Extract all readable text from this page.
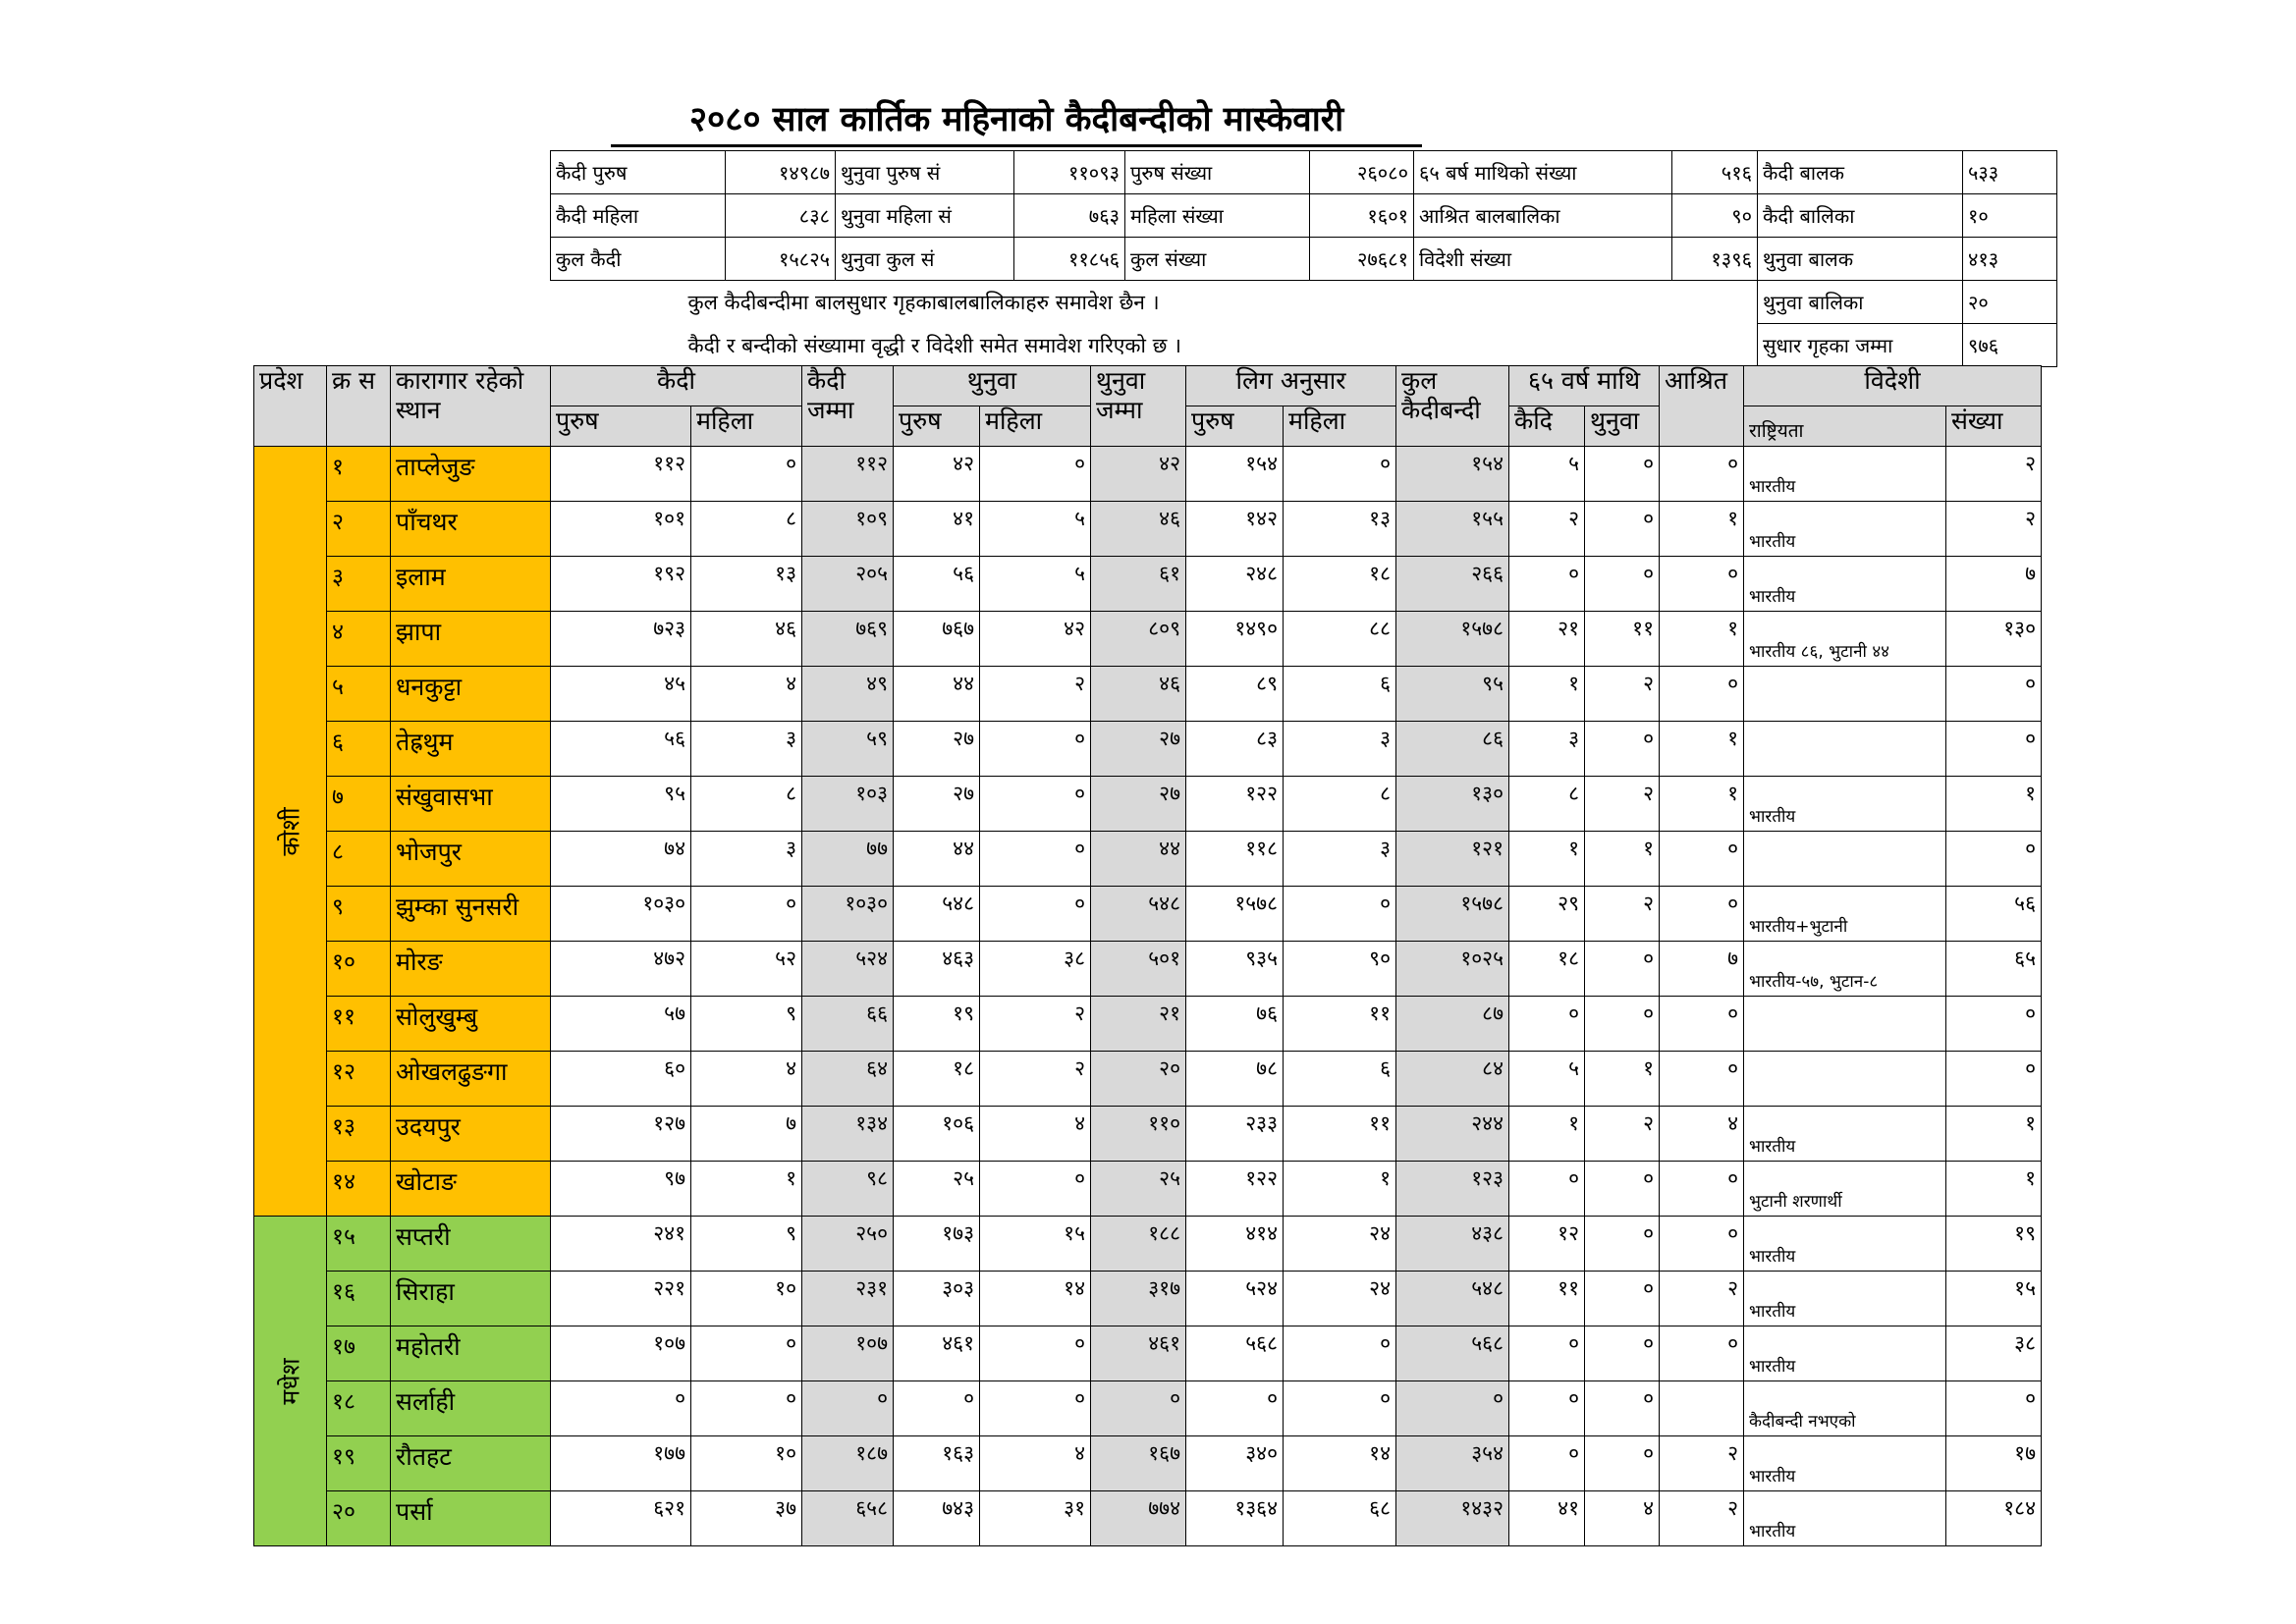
२०८० साल कार्तिक महिनाको कैदीबन्दीको मास्केवारी
कैदी पुरुष	१४९८७	थुनुवा पुरुष सं	११०९३	पुरुष संख्या	२६०८०	६५ बर्ष माथिको संख्या	५१६	कैदी बालक	५३३
कैदी महिला	८३८	थुनुवा महिला सं	७६३	महिला संख्या	१६०१	आश्रित बालबालिका	९०	कैदी बालिका	१०
कुल कैदी	१५८२५	थुनुवा कुल सं	११८५६	कुल संख्या	२७६८१	विदेशी संख्या	१३९६	थुनुवा बालक	४१३
कुल कैदीबन्दीमा बालसुधार गृहकाबालबालिकाहरु समावेश छैन ।								थुनुवा बालिका	२०
कैदी र बन्दीको संख्यामा वृद्धी र विदेशी समेत समावेश गरिएको छ ।								सुधार गृहका जम्मा	९७६
प्रदेश	क्र स	कारागार रहेको स्थान	कैदी		कैदी जम्मा	थुनुवा		थुनुवा जम्मा	लिग अनुसार		कुल कैदीबन्दी	६५ वर्ष माथि		आश्रित	विदेशी	
			पुरुष	महिला		पुरुष	महिला		पुरुष	महिला		कैदि	थुनुवा		राष्ट्रियता	संख्या
कोशी	१	ताप्लेजुङ	११२	०	११२	४२	०	४२	१५४	०	१५४	५	०	०	भारतीय	२
	२	पाँचथर	१०१	८	१०९	४१	५	४६	१४२	१३	१५५	२	०	१	भारतीय	२
	३	इलाम	१९२	१३	२०५	५६	५	६१	२४८	१८	२६६	०	०	०	भारतीय	७
	४	झापा	७२३	४६	७६९	७६७	४२	८०९	१४९०	८८	१५७८	२१	११	१	भारतीय ८६, भुटानी ४४	१३०
	५	धनकुट्टा	४५	४	४९	४४	२	४६	८९	६	९५	१	२	०		०
	६	तेह्रथुम	५६	३	५९	२७	०	२७	८३	३	८६	३	०	१		०
	७	संखुवासभा	९५	८	१०३	२७	०	२७	१२२	८	१३०	८	२	१	भारतीय	१
	८	भोजपुर	७४	३	७७	४४	०	४४	११८	३	१२१	१	१	०		०
	९	झुम्का सुनसरी	१०३०	०	१०३०	५४८	०	५४८	१५७८	०	१५७८	२९	२	०	भारतीय+भुटानी	५६
	१०	मोरङ	४७२	५२	५२४	४६३	३८	५०१	९३५	९०	१०२५	१८	०	७	भारतीय-५७, भुटान-८	६५
	११	सोलुखुम्बु	५७	९	६६	१९	२	२१	७६	११	८७	०	०	०		०
	१२	ओखलढुङगा	६०	४	६४	१८	२	२०	७८	६	८४	५	१	०		०
	१३	उदयपुर	१२७	७	१३४	१०६	४	११०	२३३	११	२४४	१	२	४	भारतीय	१
	१४	खोटाङ	९७	१	९८	२५	०	२५	१२२	१	१२३	०	०	०	भुटानी शरणार्थी	१
मधेश	१५	सप्तरी	२४१	९	२५०	१७३	१५	१८८	४१४	२४	४३८	१२	०	०	भारतीय	१९
	१६	सिराहा	२२१	१०	२३१	३०३	१४	३१७	५२४	२४	५४८	११	०	२	भारतीय	१५
	१७	महोतरी	१०७	०	१०७	४६१	०	४६१	५६८	०	५६८	०	०	०	भारतीय	३८
	१८	सर्लाही	०	०	०	०	०	०	०	०	०	०	०		कैदीबन्दी नभएको	०
	१९	रौतहट	१७७	१०	१८७	१६३	४	१६७	३४०	१४	३५४	०	०	२	भारतीय	१७
	२०	पर्सा	६२१	३७	६५८	७४३	३१	७७४	१३६४	६८	१४३२	४१	४	२	भारतीय	१८४
